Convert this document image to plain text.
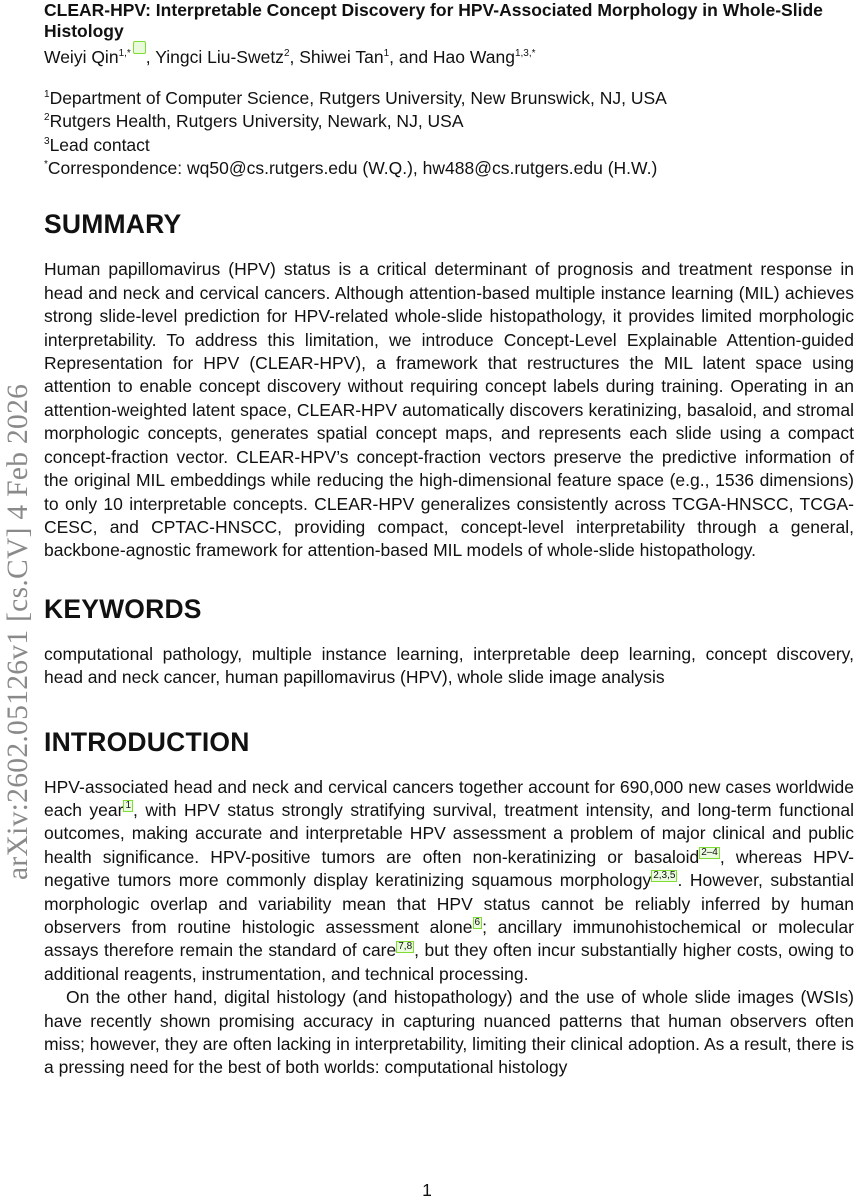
arXiv:2602.05126v1 [cs.CV] 4 Feb 2026
CLEAR-HPV: Interpretable Concept Discovery for HPV-Associated Morphology in Whole-Slide Histology
Weiyi Qin$^{1,*}$ , Yingci Liu-Swetz$^2$, Shiwei Tan$^1$, and Hao Wang$^{1,3,*}$
$^1$Department of Computer Science, Rutgers University, New Brunswick, NJ, USA
$^2$Rutgers Health, Rutgers University, Newark, NJ, USA
$^3$Lead contact
*Correspondence: wq50@cs.rutgers.edu (W.Q.), hw488@cs.rutgers.edu (H.W.)
SUMMARY

Human papillomavirus (HPV) status is a critical determinant of prognosis and treatment response in head and neck and cervical cancers. Although attention-based multiple instance learning (MIL) achieves strong slide-level prediction for HPV-related whole-slide histopathology, it provides limited morphologic interpretability. To address this limitation, we introduce Concept-Level Explainable Attention-guided Representation for HPV (CLEAR-HPV), a framework that restructures the MIL latent space using attention to enable concept discovery without requiring concept labels during training. Operating in an attention-weighted latent space, CLEAR-HPV automatically discovers keratinizing, basaloid, and stromal morphologic concepts, generates spatial concept maps, and represents each slide using a compact concept-fraction vector. CLEAR-HPV’s concept-fraction vectors preserve the predictive information of the original MIL embeddings while reducing the high-dimensional feature space (e.g., 1536 dimensions) to only 10 interpretable concepts. CLEAR-HPV generalizes consistently across TCGA-HNSCC, TCGA-CESC, and CPTAC-HNSCC, providing compact, concept-level interpretability through a general, backbone-agnostic framework for attention-based MIL models of whole-slide histopathology.

KEYWORDS

computational pathology, multiple instance learning, interpretable deep learning, concept discovery, head and neck cancer, human papillomavirus (HPV), whole slide image analysis

INTRODUCTION

HPV-associated head and neck and cervical cancers together account for 690,000 new cases worldwide each year 1 , with HPV status strongly stratifying survival, treatment intensity, and long-term functional outcomes, making accurate and interpretable HPV assessment a problem of major clinical and public health significance. HPV-positive tumors are often non-keratinizing or basaloid 2–4 , whereas HPV-negative tumors more commonly display keratinizing squamous morphology 2,3,5 . However, substantial morphologic overlap and variability mean that HPV status cannot be reliably inferred by human observers from routine histologic assessment alone 6 ; ancillary immunohistochemical or molecular assays therefore remain the standard of care 7,8 , but they often incur substantially higher costs, owing to additional reagents, instrumentation, and technical processing.

On the other hand, digital histology (and histopathology) and the use of whole slide images (WSIs) have recently shown promising accuracy in capturing nuanced patterns that human observers often miss; however, they are often lacking in interpretability, limiting their clinical adoption. As a result, there is a pressing need for the best of both worlds: computational histology

1
